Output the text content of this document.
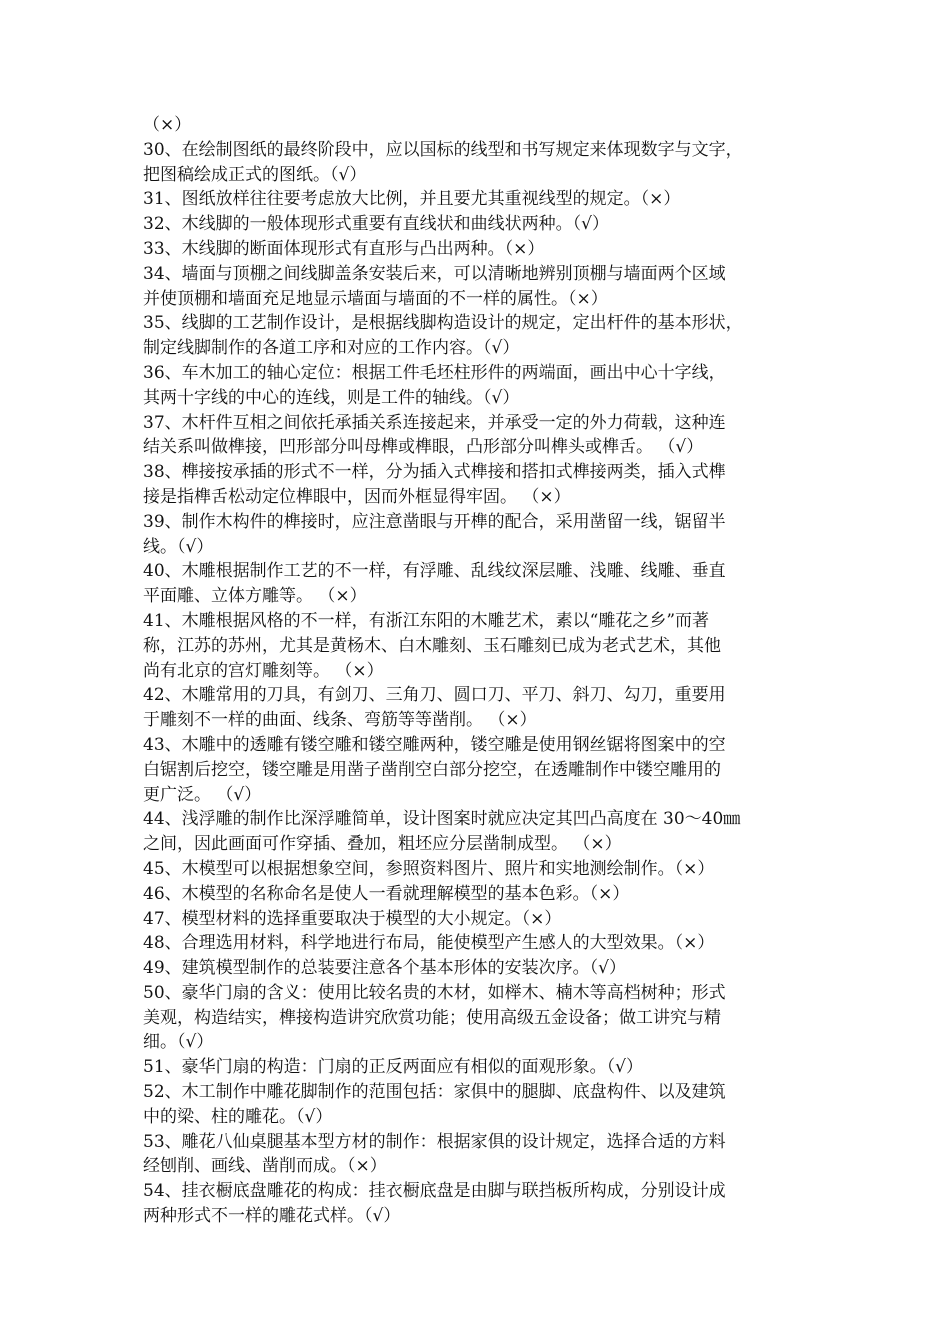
（×）
30、在绘制图纸的最终阶段中，应以国标的线型和书写规定来体现数字与文字，
把图稿绘成正式的图纸。（√）
31、图纸放样往往要考虑放大比例，并且要尤其重视线型的规定。（×）
32、木线脚的一般体现形式重要有直线状和曲线状两种。（√）
33、木线脚的断面体现形式有直形与凸出两种。（×）
34、墙面与顶棚之间线脚盖条安装后来，可以清晰地辨别顶棚与墙面两个区域
并使顶棚和墙面充足地显示墙面与墙面的不一样的属性。（×）
35、线脚的工艺制作设计，是根据线脚构造设计的规定，定出杆件的基本形状，
制定线脚制作的各道工序和对应的工作内容。（√）
36、车木加工的轴心定位：根据工件毛坯柱形件的两端面，画出中心十字线，
其两十字线的中心的连线，则是工件的轴线。（√）
37、木杆件互相之间依托承插关系连接起来，并承受一定的外力荷载，这种连
结关系叫做榫接，凹形部分叫母榫或榫眼，凸形部分叫榫头或榫舌。 （√）
38、榫接按承插的形式不一样，分为插入式榫接和搭扣式榫接两类，插入式榫
接是指榫舌松动定位榫眼中，因而外框显得牢固。 （×）
39、制作木构件的榫接时，应注意凿眼与开榫的配合，采用凿留一线，锯留半
线。（√）
40、木雕根据制作工艺的不一样，有浮雕、乱线纹深层雕、浅雕、线雕、垂直
平面雕、立体方雕等。 （×）
41、木雕根据风格的不一样，有浙江东阳的木雕艺术，素以“雕花之乡”而著
称，江苏的苏州，尤其是黄杨木、白木雕刻、玉石雕刻已成为老式艺术，其他
尚有北京的宫灯雕刻等。 （×）
42、木雕常用的刀具，有剑刀、三角刀、圆口刀、平刀、斜刀、勾刀，重要用
于雕刻不一样的曲面、线条、弯筋等等凿削。 （×）
43、木雕中的透雕有镂空雕和镂空雕两种，镂空雕是使用钢丝锯将图案中的空
白锯割后挖空，镂空雕是用凿子凿削空白部分挖空，在透雕制作中镂空雕用的
更广泛。 （√）
44、浅浮雕的制作比深浮雕简单，设计图案时就应决定其凹凸高度在 30～40㎜
之间，因此画面可作穿插、叠加，粗坯应分层凿制成型。 （×）
45、木模型可以根据想象空间，参照资料图片、照片和实地测绘制作。（×）
46、木模型的名称命名是使人一看就理解模型的基本色彩。（×）
47、模型材料的选择重要取决于模型的大小规定。（×）
48、合理选用材料，科学地进行布局，能使模型产生感人的大型效果。（×）
49、建筑模型制作的总装要注意各个基本形体的安装次序。（√）
50、豪华门扇的含义：使用比较名贵的木材，如榉木、楠木等高档树种；形式
美观，构造结实，榫接构造讲究欣赏功能；使用高级五金设备；做工讲究与精
细。（√）
51、豪华门扇的构造：门扇的正反两面应有相似的面观形象。（√）
52、木工制作中雕花脚制作的范围包括：家俱中的腿脚、底盘构件、以及建筑
中的梁、柱的雕花。（√）
53、雕花八仙桌腿基本型方材的制作：根据家俱的设计规定，选择合适的方料
经刨削、画线、凿削而成。（×）
54、挂衣橱底盘雕花的构成：挂衣橱底盘是由脚与联挡板所构成，分别设计成
两种形式不一样的雕花式样。（√）
